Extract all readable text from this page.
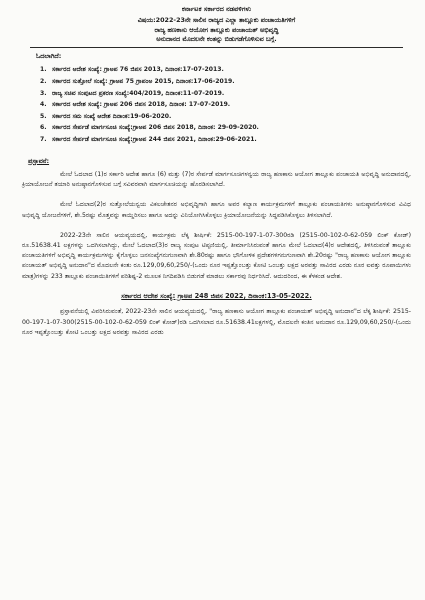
ಕರ್ನಾಟಕ ಸರ್ಕಾರದ ನಡವಳಿಗಳು

ವಿಷಯ:2022-23ನೇ ಸಾಲಿನ ರಾಜ್ಯದ ಎಲ್ಲಾ ತಾಲ್ಲೂಕು ಪಂಚಾಯತಿಗಳಿಗೆ

ರಾಜ್ಯ ಹಣಕಾಸು ಆಯೋಗ ತಾಲ್ಲೂಕು ಪಂಚಾಯತ್ ಅಭಿವೃದ್ಧಿ

ಅನುದಾನದ ಮೊದಲನೇ ಕಂತನ್ನು ಬಿಡುಗಡೆಗೊಳಿಸುವ ಬಗ್ಗೆ.

ಓದಲಾಗಿದೆ:

1. ಸರ್ಕಾರದ ಆದೇಶ ಸಂಖ್ಯೆ: ಗ್ರಾಅಪ 76 ಜಿಪಸ 2013, ದಿನಾಂಕ:17-07-2013.
2. ಸರ್ಕಾರದ ಸುತ್ತೋಲೆ ಸಂಖ್ಯೆ: ಗ್ರಾಅಪ 75 ಗ್ರಾಪಂಅ 2015, ದಿನಾಂಕ:17-06-2019.
3. ರಾಜ್ಯ ಸಚಿವ ಸಂಪುಟದ ಪ್ರಕರಣ ಸಂಖ್ಯೆ:404/2019, ದಿನಾಂಕ:11-07-2019.
4. ಸರ್ಕಾರದ ಆದೇಶ ಸಂಖ್ಯೆ: ಗ್ರಾಅಪ 206 ಜಿಪಸ 2018, ದಿನಾಂಕ: 17-07-2019.
5. ಸರ್ಕಾರದ ಸಮ ಸಂಖ್ಯೆ ಆದೇಶ ದಿನಾಂಕ:19-06-2020.
6. ಸರ್ಕಾರದ ಸೇರ್ಪಡೆ ಮಾರ್ಗಸೂಚಿ ಸಂಖ್ಯೆ:ಗ್ರಾಅಪ 206 ಜಿಪಸ 2018, ದಿನಾಂಕ: 29-09-2020.
7. ಸರ್ಕಾರದ ಸೇರ್ಪಡೆ ಮಾರ್ಗಸೂಚಿ ಸಂಖ್ಯೆ:ಗ್ರಾಅಪ 244 ಜಿಪಸ 2021, ದಿನಾಂಕ:29-06-2021.

ಪ್ರಸ್ತಾವನೆ:

ಮೇಲೆ ಓದಲಾದ (1)ರ ಸರ್ಕಾರಿ ಆದೇಶ ಹಾಗೂ (6) ಮತ್ತು (7)ರ ಸೇರ್ಪಡೆ ಮಾರ್ಗಸೂಚಿಗಳನ್ವಯ ರಾಜ್ಯ ಹಣಕಾಸು ಆಯೋಗ ತಾಲ್ಲೂಕು ಪಂಚಾಯತಿ ಅಭಿವೃದ್ಧಿ ಅನುದಾನದಲ್ಲಿ, ಕ್ರಿಯಾಯೋಜನೆ ತಯಾರಿ ಅನುಷ್ಠಾನಗೊಳಿಸುವ ಬಗ್ಗೆ ಸವಿವರವಾಗಿ ಮಾರ್ಗಸೂಚಿಯನ್ನು ಹೊರಡಿಸಲಾಗಿದೆ.

ಮೇಲೆ ಓದಲಾದ(2)ರ ಸುತ್ತೋಲೆಯನ್ವಯ ವಿಕಲಚೇತನರ ಅಭಿವೃದ್ಧಿಗಾಗಿ ಹಾಗೂ ಅವರ ಕಲ್ಯಾಣ ಕಾರ್ಯಕ್ರಮಗಳಿಗೆ ತಾಲ್ಲೂಕು ಪಂಚಾಯತಿಗಳು ಅನುಷ್ಠಾನಗೊಳಿಸುವ ವಿವಿಧ ಅಭಿವೃದ್ಧಿ ಯೋಜನೆಗಳಿಗೆ, ಶೇ.5ರಷ್ಟು ಮೊತ್ತವನ್ನು ಕಾಯ್ದಿರಿಸಲು ಹಾಗೂ ಅದನ್ನು ವಿನಿಯೋಗಿಸಿಕೊಳ್ಳಲು ಕ್ರಿಯಾಯೋಜನೆಯನ್ನು ಸಿದ್ಧಪಡಿಸಿಕೊಳ್ಳಲು ತಿಳಿಸಲಾಗಿದೆ.

2022-23ನೇ ಸಾಲಿನ ಆಯವ್ಯಯದಲ್ಲಿ, ಕಾರ್ಯಕ್ರಮ ಲೆಕ್ಕ ಶೀರ್ಷಿಕೆ: 2515-00-197-1-07-300ರಡಿ (2515-00-102-0-62-059 ಲಿಂಕ್ ಕೋಡ್) ರೂ.51638.41 ಲಕ್ಷಗಳನ್ನು ಒದಗಿಸಲಾಗಿದ್ದು, ಮೇಲೆ ಓದಲಾದ(3)ರ ರಾಜ್ಯ ಸಂಪುಟ ಟಿಪ್ಪಣಿಯಲ್ಲಿ, ತೀರ್ಮಾನಿಸಿರುವಂತೆ ಹಾಗೂ ಮೇಲೆ ಓದಲಾದ(4)ರ ಆದೇಶದಲ್ಲಿ, ತಿಳಿಸಿರುವಂತೆ ತಾಲ್ಲೂಕು ಪಂಚಾಯತಿಗಳಿಗೆ ಅಭಿವೃದ್ಧಿ ಕಾರ್ಯಕ್ರಮಗಳನ್ನು ಕೈಗೊಳ್ಳಲು ಜನಸಂಖ್ಯೆಗನುಗುಣವಾಗಿ ಶೇ.80ರಷ್ಟು ಹಾಗೂ ಭೌಗೋಳಿಕ ಪ್ರದೇಶಗಳಿಗನುಗುಣವಾಗಿ ಶೇ.20ರಷ್ಟು "ರಾಜ್ಯ ಹಣಕಾಸು ಆಯೋಗ ತಾಲ್ಲೂಕು ಪಂಚಾಯತ್ ಅಭಿವೃದ್ಧಿ ಅನುದಾನ"ದ ಮೊದಲನೇ ಕಂತು ರೂ.129,09,60,250/-(ಒಂದು ನೂರ ಇಪ್ಪತ್ತೊಂಬತ್ತು ಕೋಟಿ ಒಂಬತ್ತು ಲಕ್ಷದ ಅರವತ್ತು ಸಾವಿರದ ಎರಡು ನೂರ ಐವತ್ತು ರೂಪಾಯಿಗಳು ಮಾತ್ರ)ಗಳನ್ನು 233 ತಾಲ್ಲೂಕು ಪಂಚಾಯಿತಿಗಳಿಗೆ ಪರಿಶಿಷ್ಟ-2 ಮೂಲಕ ನಿಗದಿಪಡಿಸಿ ಬಿಡುಗಡೆ ಮಾಡಲು ಸರ್ಕಾರವು ನಿರ್ಧರಿಸಿದೆ. ಆದುದರಿಂದ, ಈ ಕೆಳಕಂಡ ಆದೇಶ.

ಸರ್ಕಾರದ ಆದೇಶ ಸಂಖ್ಯೆ: ಗ್ರಾಅಪ 248 ಜಿಪಸ 2022, ದಿನಾಂಕ:13-05-2022.

ಪ್ರಸ್ತಾವನೆಯಲ್ಲಿ ವಿವರಿಸಿರುವಂತೆ, 2022-23ನೇ ಸಾಲಿನ ಆಯವ್ಯಯದಲ್ಲಿ, "ರಾಜ್ಯ ಹಣಕಾಸು ಆಯೋಗ ತಾಲ್ಲೂಕು ಪಂಚಾಯತ್ ಅಭಿವೃದ್ಧಿ ಅನುದಾನ"ದ ಲೆಕ್ಕ ಶೀರ್ಷಿಕೆ: 2515-00-197-1-07-300(2515-00-102-0-62-059 ಲಿಂಕ್ ಕೋಡ್)ರಡಿ ಒದಗಿಸಲಾದ ರೂ.51638.41ಲಕ್ಷಗಳಲ್ಲಿ, ಮೊದಲನೇ ಕಂತಿನ ಅನುದಾನ ರೂ.129,09,60,250/-(ಒಂದು ನೂರ ಇಪ್ಪತ್ತೊಂಬತ್ತು ಕೋಟಿ ಒಂಬತ್ತು ಲಕ್ಷದ ಅರವತ್ತು ಸಾವಿರದ ಎರಡು
